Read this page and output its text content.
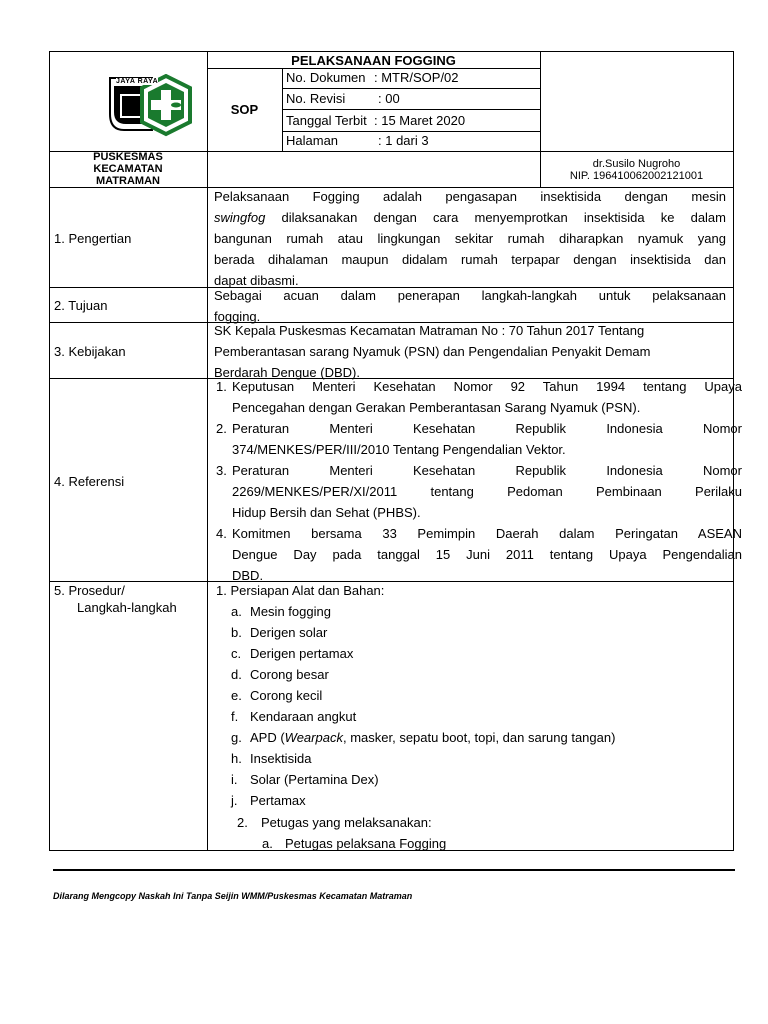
JAYA RAYA
PELAKSANAAN FOGGING
SOP
No. Dokumen : MTR/SOP/02
No. Revisi	: 00
Tanggal Terbit : 15 Maret 2020
Halaman	: 1 dari 3
PUSKESMAS
KECAMATAN
MATRAMAN
dr.Susilo Nugroho
NIP. 196410062002121001
1. Pengertian
Pelaksanaan Fogging adalah pengasapan insektisida dengan mesin
swingfog dilaksanakan dengan cara menyemprotkan insektisida ke dalam
bangunan rumah atau lingkungan sekitar rumah diharapkan nyamuk yang
berada dihalaman maupun didalam rumah terpapar dengan insektisida dan
dapat dibasmi.
2. Tujuan
Sebagai acuan dalam penerapan langkah-langkah untuk pelaksanaan
fogging.
3. Kebijakan
SK Kepala Puskesmas Kecamatan Matraman No : 70 Tahun 2017 Tentang
Pemberantasan sarang Nyamuk (PSN) dan Pengendalian Penyakit Demam
Berdarah Dengue (DBD).
4. Referensi
1. Keputusan Menteri Kesehatan Nomor 92 Tahun 1994 tentang Upaya
Pencegahan dengan Gerakan Pemberantasan Sarang Nyamuk (PSN).
2. Peraturan Menteri Kesehatan Republik Indonesia Nomor
374/MENKES/PER/III/2010 Tentang Pengendalian Vektor.
3. Peraturan Menteri Kesehatan Republik Indonesia Nomor
2269/MENKES/PER/XI/2011 tentang Pedoman Pembinaan Perilaku
Hidup Bersih dan Sehat (PHBS).
4. Komitmen bersama 33 Pemimpin Daerah dalam Peringatan ASEAN
Dengue Day pada tanggal 15 Juni 2011 tentang Upaya Pengendalian
DBD.
5. Prosedur/
Langkah-langkah
1. Persiapan Alat dan Bahan:
a. Mesin fogging
b. Derigen solar
c. Derigen pertamax
d. Corong besar
e. Corong kecil
f. Kendaraan angkut
g. APD (Wearpack, masker, sepatu boot, topi, dan sarung tangan)
h. Insektisida
i. Solar (Pertamina Dex)
j. Pertamax
2. Petugas yang melaksanakan:
a. Petugas pelaksana Fogging
Dilarang Mengcopy Naskah Ini Tanpa Seijin WMM/Puskesmas Kecamatan Matraman
